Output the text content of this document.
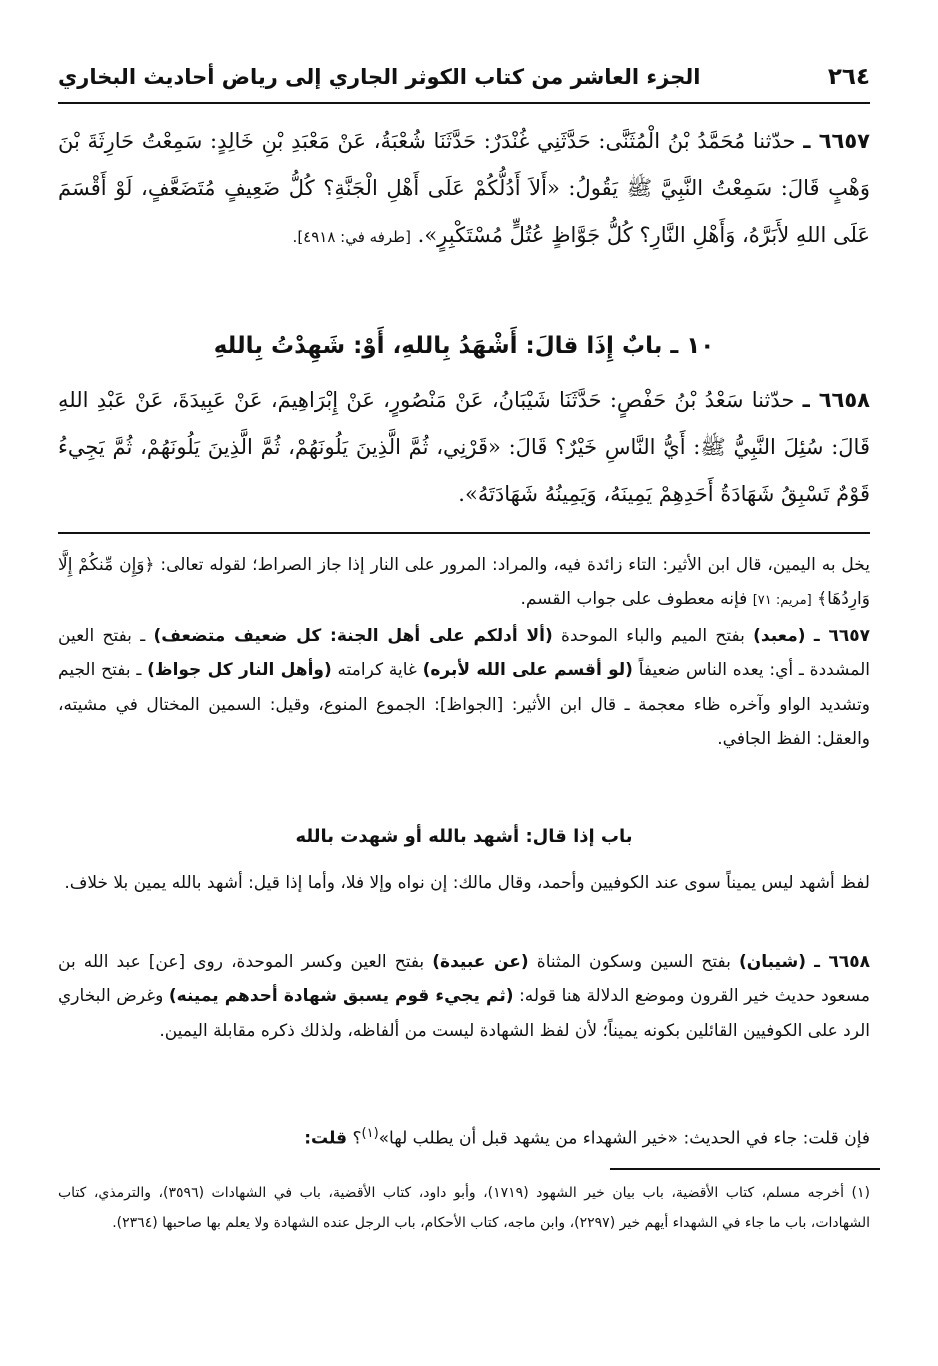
٢٦٤
الجزء العاشر من كتاب الكوثر الجاري إلى رياض أحاديث البخاري
٦٦٥٧ ـ حدّثنا مُحَمَّدُ بْنُ الْمُثَنَّى: حَدَّثَنِي غُنْدَرٌ: حَدَّثَنَا شُعْبَةُ، عَنْ مَعْبَدِ بْنِ خَالِدٍ: سَمِعْتُ حَارِثَةَ بْنَ وَهْبٍ قَالَ: سَمِعْتُ النَّبِيَّ ﷺ يَقُولُ: «أَلاَ أَدُلُّكُمْ عَلَى أَهْلِ الْجَنَّةِ؟ كُلُّ ضَعِيفٍ مُتَضَعَّفٍ، لَوْ أَقْسَمَ عَلَى اللهِ لأَبَرَّهُ، وَأَهْلِ النَّارِ؟ كُلُّ جَوَّاظٍ عُتُلٍّ مُسْتَكْبِرٍ». [طرفه في: ٤٩١٨].
١٠ ـ بابٌ إِذَا قالَ: أَشْهَدُ بِاللهِ، أَوْ: شَهِدْتُ بِاللهِ
٦٦٥٨ ـ حدّثنا سَعْدُ بْنُ حَفْصٍ: حَدَّثَنَا شَيْبَانُ، عَنْ مَنْصُورٍ، عَنْ إِبْرَاهِيمَ، عَنْ عَبِيدَةَ، عَنْ عَبْدِ اللهِ قَالَ: سُئِلَ النَّبِيُّ ﷺ: أَيُّ النَّاسِ خَيْرٌ؟ قَالَ: «قَرْنِي، ثُمَّ الَّذِينَ يَلُونَهُمْ، ثُمَّ الَّذِينَ يَلُونَهُمْ، ثُمَّ يَجِيءُ قَوْمٌ تَسْبِقُ شَهَادَةُ أَحَدِهِمْ يَمِينَهُ، وَيَمِينُهُ شَهَادَتَهُ».
يخل به اليمين، قال ابن الأثير: التاء زائدة فيه، والمراد: المرور على النار إذا جاز الصراط؛ لقوله تعالى: ﴿وَإِن مِّنكُمْ إِلَّا وَارِدُهَا﴾ [مريم: ٧١] فإنه معطوف على جواب القسم.
٦٦٥٧ ـ (معبد) بفتح الميم والباء الموحدة (ألا أدلكم على أهل الجنة: كل ضعيف متضعف) ـ بفتح العين المشددة ـ أي: يعده الناس ضعيفاً (لو أقسم على الله لأبره) غاية كرامته (وأهل النار كل جواظ) ـ بفتح الجيم وتشديد الواو وآخره ظاء معجمة ـ قال ابن الأثير: [الجواظ]: الجموع المنوع، وقيل: السمين المختال في مشيته، والعقل: الفظ الجافي.
باب إذا قال: أشهد بالله أو شهدت بالله
لفظ أشهد ليس يميناً سوى عند الكوفيين وأحمد، وقال مالك: إن نواه وإلا فلا، وأما إذا قيل: أشهد بالله يمين بلا خلاف.
٦٦٥٨ ـ (شيبان) بفتح السين وسكون المثناة (عن عبيدة) بفتح العين وكسر الموحدة، روى [عن] عبد الله بن مسعود حديث خير القرون وموضع الدلالة هنا قوله: (ثم يجيء قوم يسبق شهادة أحدهم يمينه) وغرض البخاري الرد على الكوفيين القائلين بكونه يميناً؛ لأن لفظ الشهادة ليست من ألفاظه، ولذلك ذكره مقابلة اليمين.
فإن قلت: جاء في الحديث: «خير الشهداء من يشهد قبل أن يطلب لها»$^{(١)}$؟ قلت:
(١) أخرجه مسلم، كتاب الأقضية، باب بيان خير الشهود (١٧١٩)، وأبو داود، كتاب الأقضية، باب في الشهادات (٣٥٩٦)، والترمذي، كتاب الشهادات، باب ما جاء في الشهداء أيهم خير (٢٢٩٧)، وابن ماجه، كتاب الأحكام، باب الرجل عنده الشهادة ولا يعلم بها صاحبها (٢٣٦٤).
